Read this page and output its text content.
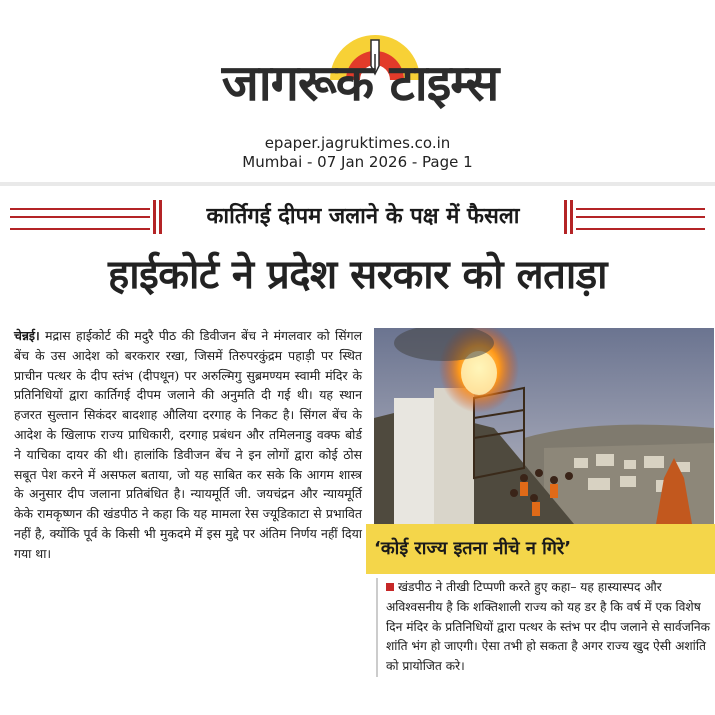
जागरूक टाइम्स
epaper.jagruktimes.co.in
Mumbai - 07 Jan 2026 - Page 1
कार्तिगई दीपम जलाने के पक्ष में फैसला
हाईकोर्ट ने प्रदेश सरकार को लताड़ा
चेन्नई। मद्रास हाईकोर्ट की मदुरै पीठ की डिवीजन बेंच ने मंगलवार को सिंगल बेंच के उस आदेश को बरकरार रखा, जिसमें तिरुपरकुंद्रम पहाड़ी पर स्थित प्राचीन पत्थर के दीप स्तंभ (दीपथून) पर अरुल्मिगु सुब्रमण्यम स्वामी मंदिर के प्रतिनिधियों द्वारा कार्तिगई दीपम जलाने की अनुमति दी गई थी। यह स्थान हजरत सुल्तान सिकंदर बादशाह औलिया दरगाह के निकट है। सिंगल बेंच के आदेश के खिलाफ राज्य प्राधिकारी, दरगाह प्रबंधन और तमिलनाडु वक्फ बोर्ड ने याचिका दायर की थी। हालांकि डिवीजन बेंच ने इन लोगों द्वारा कोई ठोस सबूत पेश करने में असफल बताया, जो यह साबित कर सके कि आगम शास्त्र के अनुसार दीप जलाना प्रतिबंधित है। न्यायमूर्ति जी. जयचंद्रन और न्यायमूर्ति केके रामकृष्णन की खंडपीठ ने कहा कि यह मामला रेस ज्यूडिकाटा से प्रभावित नहीं है, क्योंकि पूर्व के किसी भी मुकदमे में इस मुद्दे पर अंतिम निर्णय नहीं दिया गया था।	‘कोई राज्य इतना नीचे न गिरे’
खंडपीठ ने तीखी टिप्पणी करते हुए कहा– यह हास्यास्पद और अविश्वसनीय है कि शक्तिशाली राज्य को यह डर है कि वर्ष में एक विशेष दिन मंदिर के प्रतिनिधियों द्वारा पत्थर के स्तंभ पर दीप जलाने से सार्वजनिक शांति भंग हो जाएगी। ऐसा तभी हो सकता है अगर राज्य खुद ऐसी अशांति को प्रायोजित करे।
